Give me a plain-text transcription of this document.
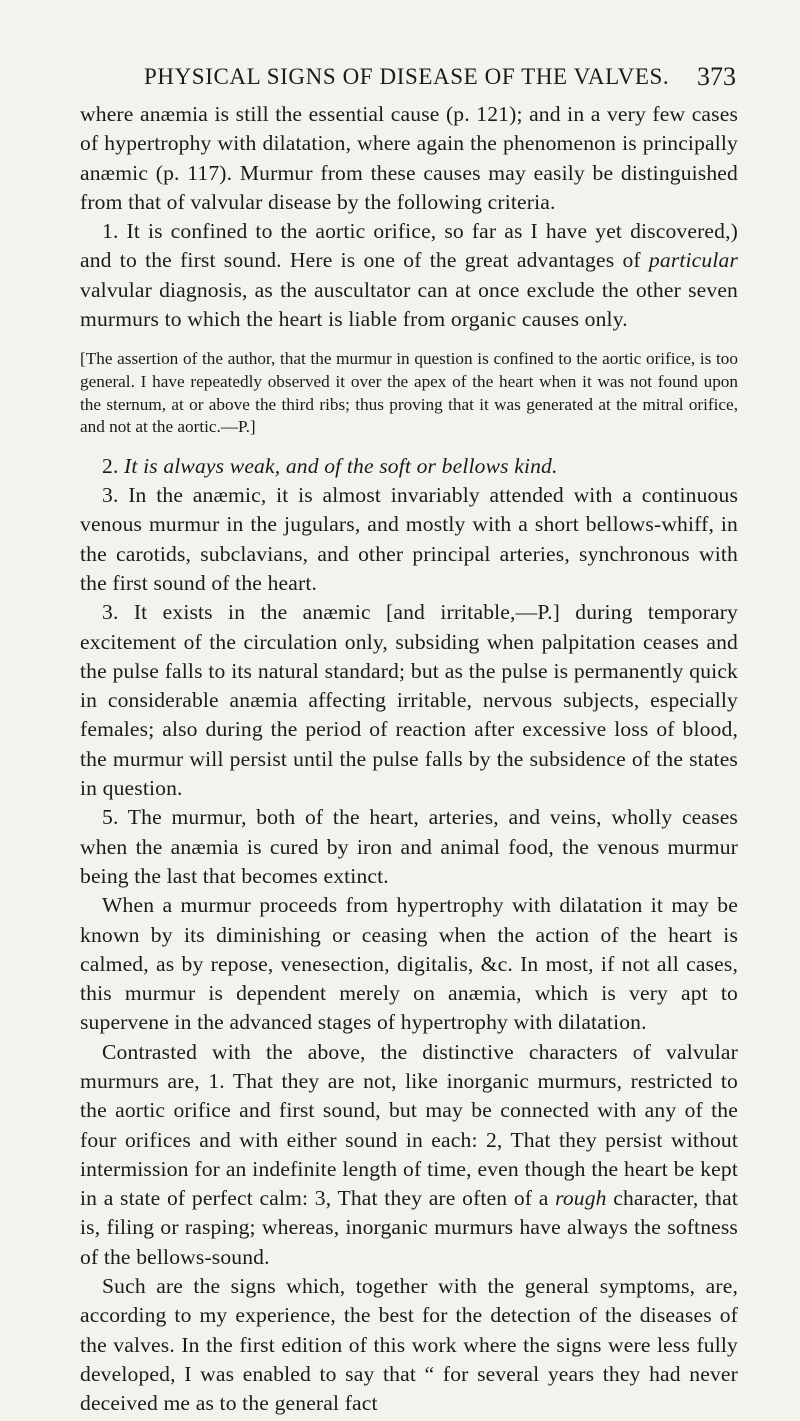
PHYSICAL SIGNS OF DISEASE OF THE VALVES. 373

where anæmia is still the essential cause (p. 121); and in a very few cases of hypertrophy with dilatation, where again the phenomenon is principally anæmic (p. 117). Murmur from these causes may easily be distinguished from that of valvular disease by the following criteria.

1. It is confined to the aortic orifice, so far as I have yet discovered,) and to the first sound. Here is one of the great advantages of particular valvular diagnosis, as the auscultator can at once exclude the other seven murmurs to which the heart is liable from organic causes only.

[The assertion of the author, that the murmur in question is confined to the aortic orifice, is too general. I have repeatedly observed it over the apex of the heart when it was not found upon the sternum, at or above the third ribs; thus proving that it was generated at the mitral orifice, and not at the aortic.—P.]

2. It is always weak, and of the soft or bellows kind.

3. In the anæmic, it is almost invariably attended with a continuous venous murmur in the jugulars, and mostly with a short bellows-whiff, in the carotids, subclavians, and other principal arteries, synchronous with the first sound of the heart.

3. It exists in the anæmic [and irritable,—P.] during temporary excitement of the circulation only, subsiding when palpitation ceases and the pulse falls to its natural standard; but as the pulse is permanently quick in considerable anæmia affecting irritable, nervous subjects, especially females; also during the period of reaction after excessive loss of blood, the murmur will persist until the pulse falls by the subsidence of the states in question.

5. The murmur, both of the heart, arteries, and veins, wholly ceases when the anæmia is cured by iron and animal food, the venous murmur being the last that becomes extinct.

When a murmur proceeds from hypertrophy with dilatation it may be known by its diminishing or ceasing when the action of the heart is calmed, as by repose, venesection, digitalis, &c. In most, if not all cases, this murmur is dependent merely on anæmia, which is very apt to supervene in the advanced stages of hypertrophy with dilatation.

Contrasted with the above, the distinctive characters of valvular murmurs are, 1. That they are not, like inorganic murmurs, restricted to the aortic orifice and first sound, but may be connected with any of the four orifices and with either sound in each: 2, That they persist without intermission for an indefinite length of time, even though the heart be kept in a state of perfect calm: 3, That they are often of a rough character, that is, filing or rasping; whereas, inorganic murmurs have always the softness of the bellows-sound.

Such are the signs which, together with the general symptoms, are, according to my experience, the best for the detection of the diseases of the valves. In the first edition of this work where the signs were less fully developed, I was enabled to say that “ for several years they had never deceived me as to the general fact
